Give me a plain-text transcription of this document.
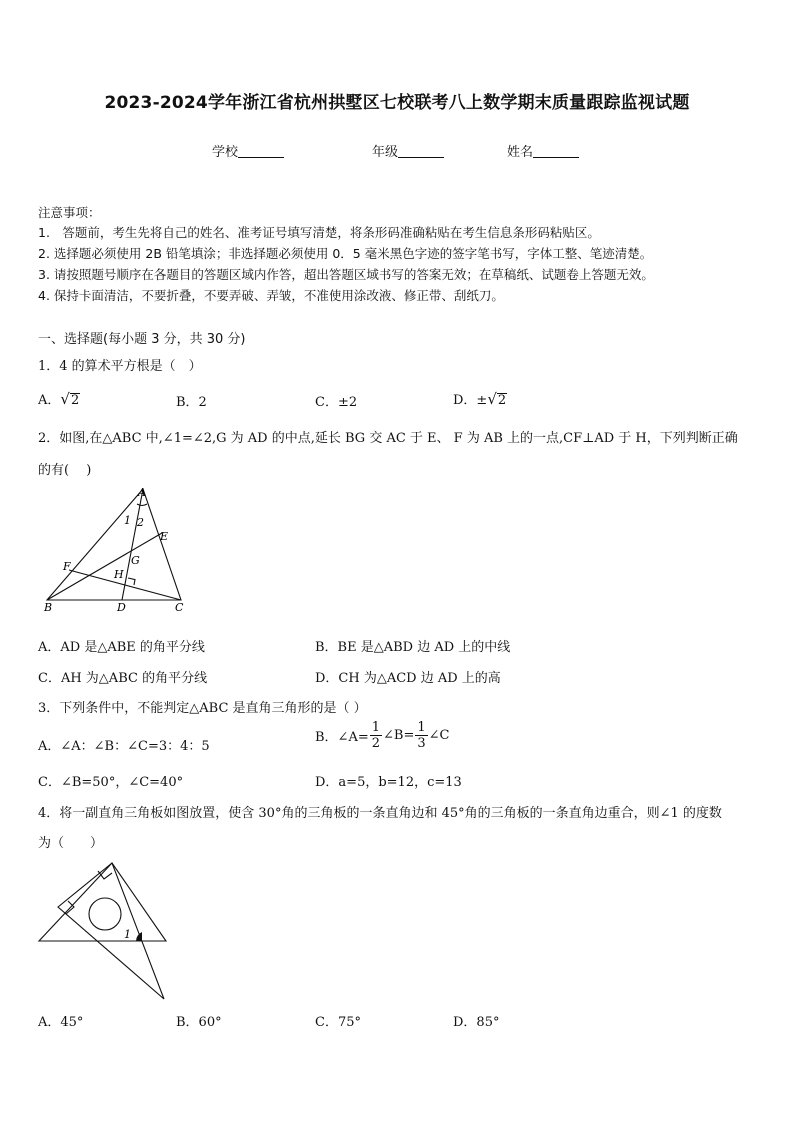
2023-2024学年浙江省杭州拱墅区七校联考八上数学期末质量跟踪监视试题
学校	年级	姓名
注意事项：
1.　答题前，考生先将自己的姓名、准考证号填写清楚，将条形码准确粘贴在考生信息条形码粘贴区。
2. 选择题必须使用 2B 铅笔填涂；非选择题必须使用 0．5 毫米黑色字迹的签字笔书写，字体工整、笔迹清楚。
3. 请按照题号顺序在各题目的答题区域内作答，超出答题区域书写的答案无效；在草稿纸、试题卷上答题无效。
4. 保持卡面清洁，不要折叠，不要弄破、弄皱，不准使用涂改液、修正带、刮纸刀。
一、选择题(每小题 3 分，共 30 分)
1．4 的算术平方根是（　）
A．√2	B．2	C．±2	D．±√2
2．如图,在△ABC 中,∠1=∠2,G 为 AD 的中点,延长 BG 交 AC 于 E、 F 为 AB 上的一点,CF⊥AD 于 H，下列判断正确
的有(　 )
A
B	C
D
E
F	G
H
1 2
A．AD 是△ABE 的角平分线	B．BE 是△ABD 边 AD 上的中线
C．AH 为△ABC 的角平分线	D．CH 为△ACD 边 AD 上的高
3．下列条件中，不能判定△ABC 是直角三角形的是（ ）
A．∠A：∠B：∠C=3：4：5
B．∠A= $\frac{1}{2}$ ∠B= $\frac{1}{3}$ ∠C
C．∠B=50°，∠C=40°	D．a=5，b=12，c=13
4．将一副直角三角板如图放置，使含 30°角的三角板的一条直角边和 45°角的三角板的一条直角边重合，则∠1 的度数
为（　　）
1
A．45°	B．60°	C．75°	D．85°
